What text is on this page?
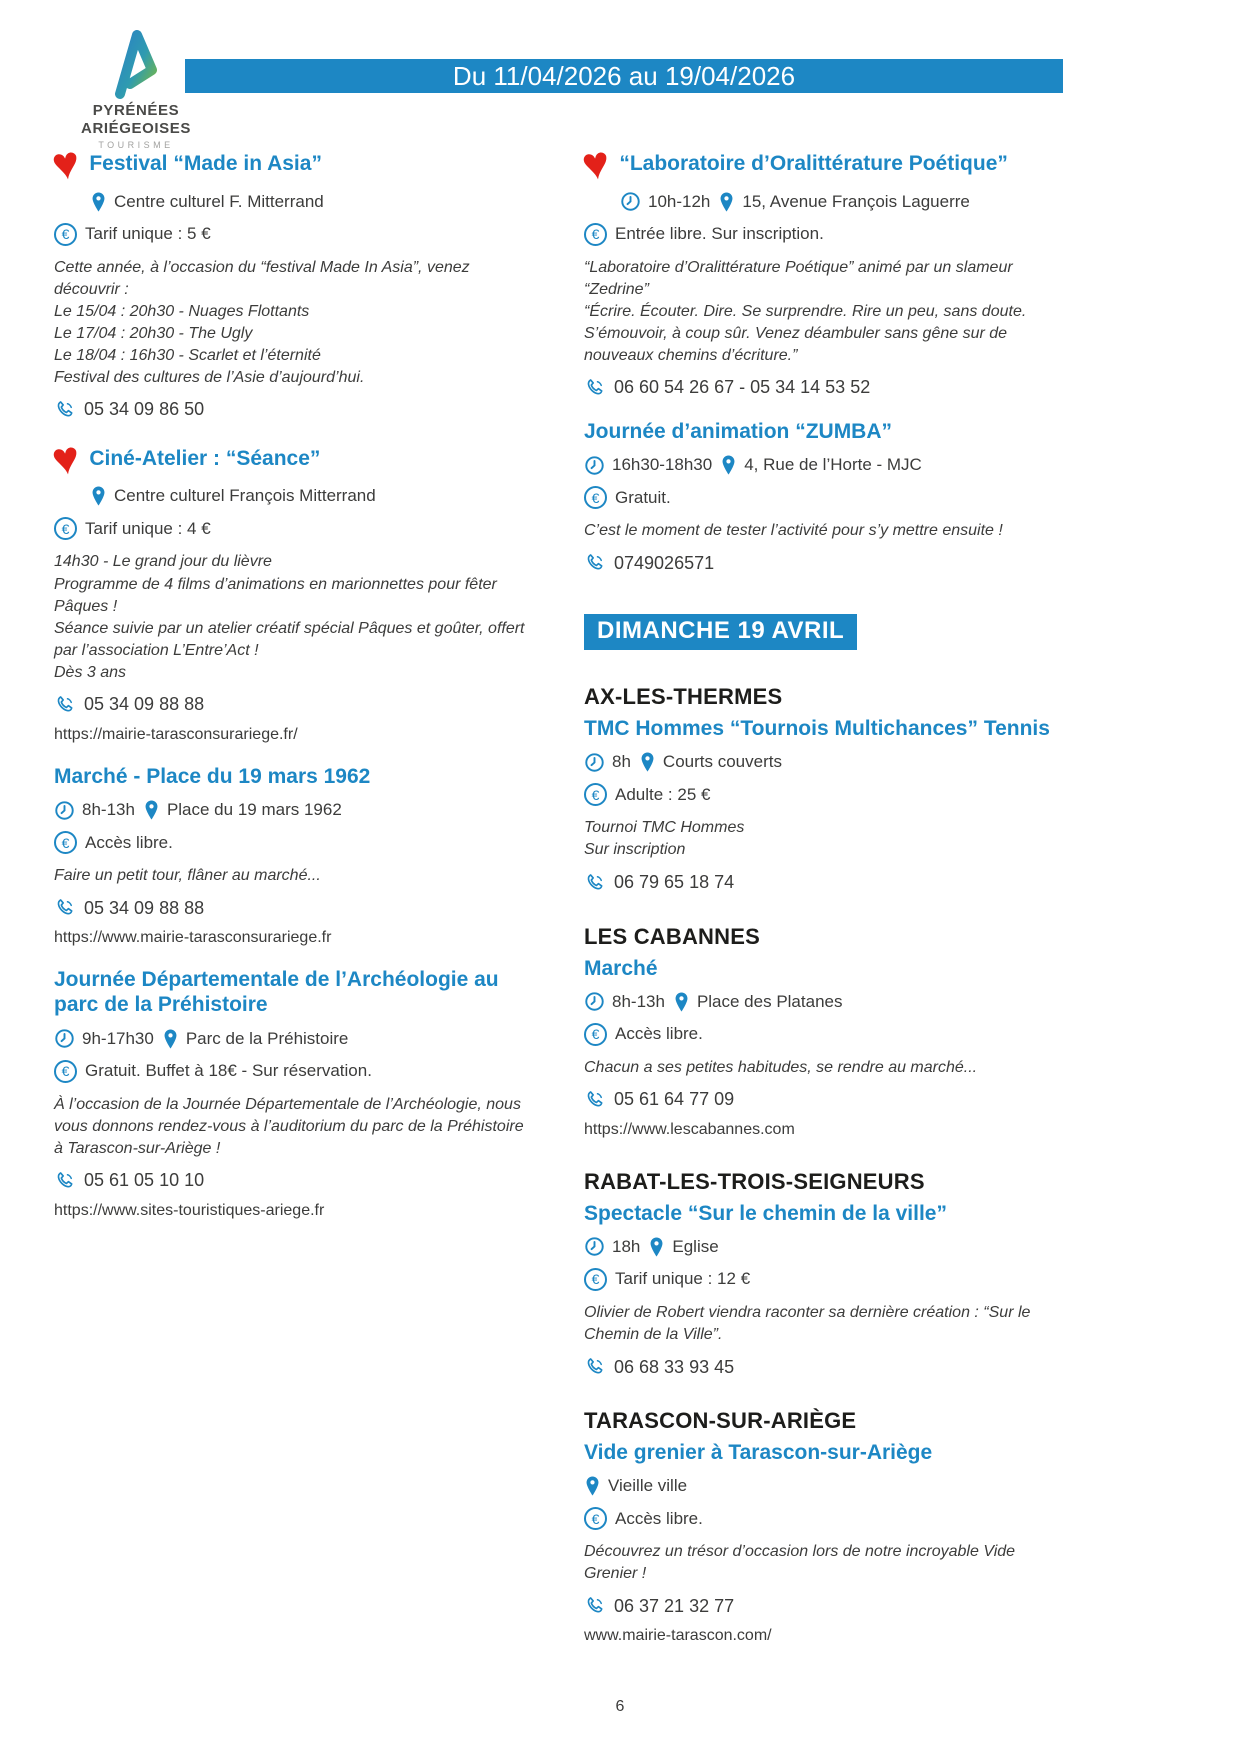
PYRÉNÉES
ARIÉGEOISES
TOURISME
Du 11/04/2026 au 19/04/2026
♥ Festival “Made in Asia”
Centre culturel F. Mitterrand
€ Tarif unique : 5 €
Cette année, à l’occasion du “festival Made In Asia”, venez découvrir :
Le 15/04 : 20h30 - Nuages Flottants
Le 17/04 : 20h30 - The Ugly
Le 18/04 : 16h30 - Scarlet et l’éternité
Festival des cultures de l’Asie d’aujourd’hui.
05 34 09 86 50
♥ Ciné-Atelier : “Séance”
Centre culturel François Mitterrand
€ Tarif unique : 4 €
14h30 - Le grand jour du lièvre
Programme de 4 films d’animations en marionnettes pour fêter Pâques !
Séance suivie par un atelier créatif spécial Pâques et goûter, offert par l’association L’Entre’Act !
Dès 3 ans
05 34 09 88 88
https://mairie-tarasconsurariege.fr/
Marché - Place du 19 mars 1962
8h-13h Place du 19 mars 1962
€ Accès libre.
Faire un petit tour, flâner au marché...
05 34 09 88 88
https://www.mairie-tarasconsurariege.fr
Journée Départementale de l’Archéologie au parc de la Préhistoire
9h-17h30 Parc de la Préhistoire
€ Gratuit. Buffet à 18€ - Sur réservation.
À l’occasion de la Journée Départementale de l’Archéologie, nous vous donnons rendez-vous à l’auditorium du parc de la Préhistoire à Tarascon-sur-Ariège !
05 61 05 10 10
https://www.sites-touristiques-ariege.fr
♥ “Laboratoire d’Oralittérature Poétique”
10h-12h 15, Avenue François Laguerre
€ Entrée libre. Sur inscription.
“Laboratoire d’Oralittérature Poétique” animé par un slameur “Zedrine”
“Écrire. Écouter. Dire. Se surprendre. Rire un peu, sans doute. S’émouvoir, à coup sûr. Venez déambuler sans gêne sur de nouveaux chemins d’écriture.”
06 60 54 26 67 - 05 34 14 53 52
Journée d’animation “ZUMBA”
16h30-18h30 4, Rue de l’Horte - MJC
€ Gratuit.
C’est le moment de tester l’activité pour s’y mettre ensuite !
0749026571
DIMANCHE 19 AVRIL
AX-LES-THERMES
TMC Hommes “Tournois Multichances” Tennis
8h Courts couverts
€ Adulte : 25 €
Tournoi TMC Hommes
Sur inscription
06 79 65 18 74
LES CABANNES
Marché
8h-13h Place des Platanes
€ Accès libre.
Chacun a ses petites habitudes, se rendre au marché...
05 61 64 77 09
https://www.lescabannes.com
RABAT-LES-TROIS-SEIGNEURS
Spectacle “Sur le chemin de la ville”
18h Eglise
€ Tarif unique : 12 €
Olivier de Robert viendra raconter sa dernière création : “Sur le Chemin de la Ville”.
06 68 33 93 45
TARASCON-SUR-ARIÈGE
Vide grenier à Tarascon-sur-Ariège
Vieille ville
€ Accès libre.
Découvrez un trésor d’occasion lors de notre incroyable Vide Grenier !
06 37 21 32 77
www.mairie-tarascon.com/
6
